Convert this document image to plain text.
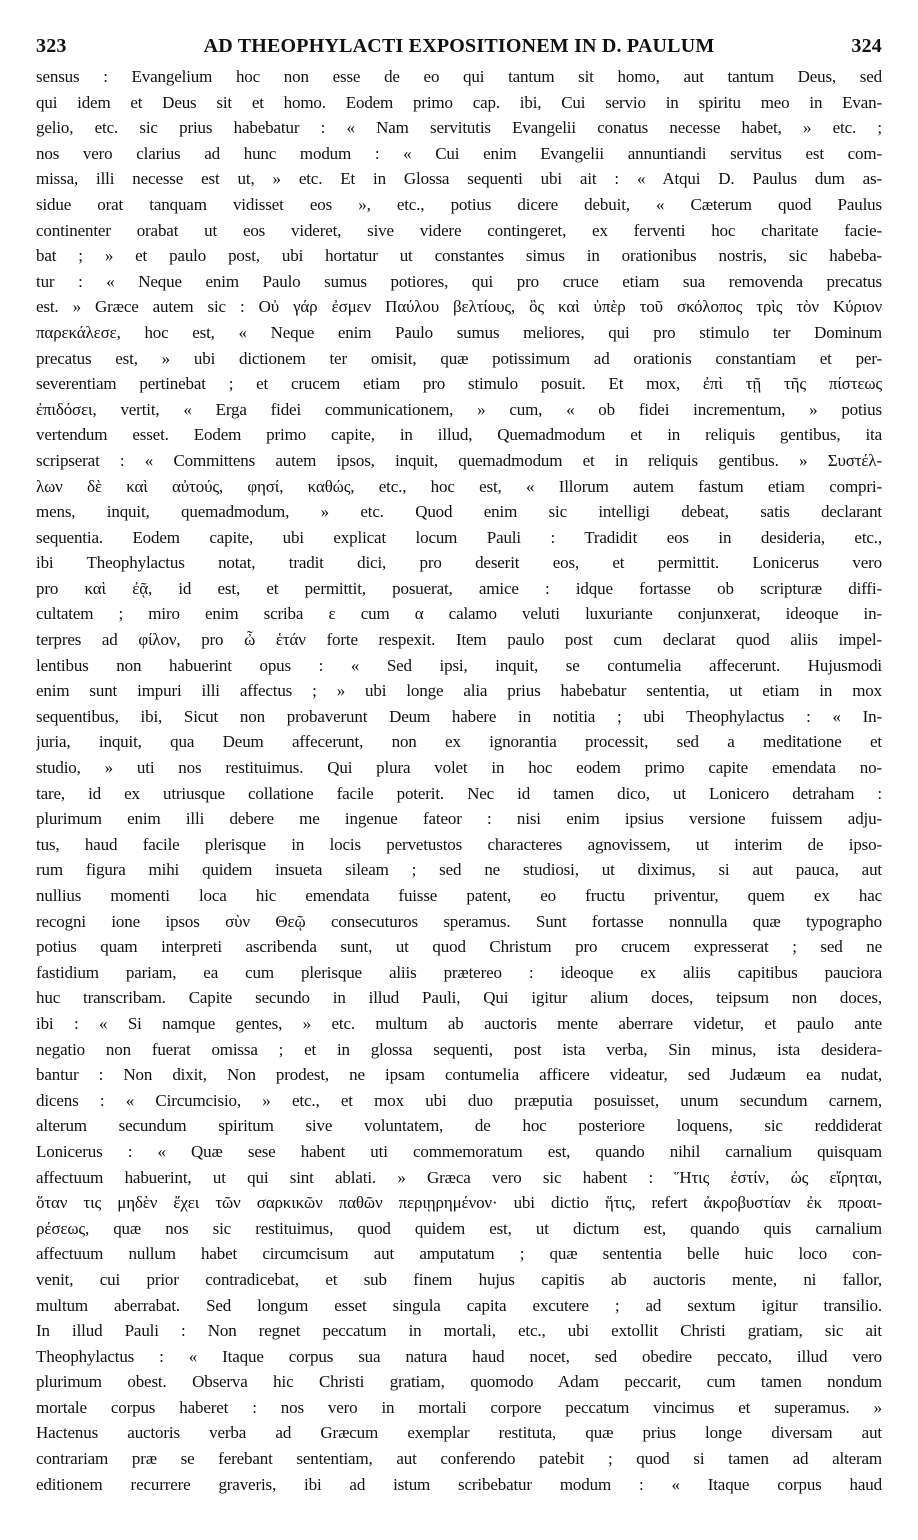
323	AD THEOPHYLACTI EXPOSITIONEM IN D. PAULUM	324
sensus : Evangelium hoc non esse de eo qui tantum sit homo, aut tantum Deus, sed
qui idem et Deus sit et homo. Eodem primo cap. ibi, Cui servio in spiritu meo in Evan-
gelio, etc. sic prius habebatur : « Nam servitutis Evangelii conatus necesse habet, » etc. ;
nos vero clarius ad hunc modum : « Cui enim Evangelii annuntiandi servitus est com-
missa, illi necesse est ut, » etc. Et in Glossa sequenti ubi ait : « Atqui D. Paulus dum as-
sidue orat tanquam vidisset eos », etc., potius dicere debuit, « Cæterum quod Paulus
continenter orabat ut eos videret, sive videre contingeret, ex ferventi hoc charitate facie-
bat ; » et paulo post, ubi hortatur ut constantes simus in orationibus nostris, sic habeba-
tur : « Neque enim Paulo sumus potiores, qui pro cruce etiam sua removenda precatus
est. » Græce autem sic : Οὐ γάρ ἐσμεν Παύλου βελτίους, ὃς καὶ ὑπὲρ τοῦ σκόλοπος τρὶς τὸν Κύριον
παρεκάλεσε, hoc est, « Neque enim Paulo sumus meliores, qui pro stimulo ter Dominum
precatus est, » ubi dictionem ter omisit, quæ potissimum ad orationis constantiam et per-
severentiam pertinebat ; et crucem etiam pro stimulo posuit. Et mox, ἐπὶ τῇ τῆς πίστεως
ἐπιδόσει, vertit, « Erga fidei communicationem, » cum, « ob fidei incrementum, » potius
vertendum esset. Eodem primo capite, in illud, Quemadmodum et in reliquis gentibus, ita
scripserat : « Committens autem ipsos, inquit, quemadmodum et in reliquis gentibus. » Συστέλ-
λων δὲ καὶ αὐτούς, φησί, καθώς, etc., hoc est, « Illorum autem fastum etiam compri-
mens, inquit, quemadmodum, » etc. Quod enim sic intelligi debeat, satis declarant
sequentia. Eodem capite, ubi explicat locum Pauli : Tradidit eos in desideria, etc.,
ibi Theophylactus notat, tradit dici, pro deserit eos, et permittit. Lonicerus vero
pro καὶ ἐᾷ, id est, et permittit, posuerat, amice : idque fortasse ob scripturæ diffi-
cultatem ; miro enim scriba ε cum α calamo veluti luxuriante conjunxerat, ideoque in-
terpres ad φίλον, pro ὦ ἑτάν forte respexit. Item paulo post cum declarat quod aliis impel-
lentibus non habuerint opus : « Sed ipsi, inquit, se contumelia affecerunt. Hujusmodi
enim sunt impuri illi affectus ; » ubi longe alia prius habebatur sententia, ut etiam in mox
sequentibus, ibi, Sicut non probaverunt Deum habere in notitia ; ubi Theophylactus : « In-
juria, inquit, qua Deum affecerunt, non ex ignorantia processit, sed a meditatione et
studio, » uti nos restituimus. Qui plura volet in hoc eodem primo capite emendata no-
tare, id ex utriusque collatione facile poterit. Nec id tamen dico, ut Lonicero detraham :
plurimum enim illi debere me ingenue fateor : nisi enim ipsius versione fuissem adju-
tus, haud facile plerisque in locis pervetustos characteres agnovissem, ut interim de ipso-
rum figura mihi quidem insueta sileam ; sed ne studiosi, ut diximus, si aut pauca, aut
nullius momenti loca hic emendata fuisse patent, eo fructu priventur, quem ex hac
recogni ione ipsos σὺν Θεῷ consecuturos speramus. Sunt fortasse nonnulla quæ typographo
potius quam interpreti ascribenda sunt, ut quod Christum pro crucem expresserat ; sed ne
fastidium pariam, ea cum plerisque aliis prætereo : ideoque ex aliis capitibus pauciora
huc transcribam. Capite secundo in illud Pauli, Qui igitur alium doces, teipsum non doces,
ibi : « Si namque gentes, » etc. multum ab auctoris mente aberrare videtur, et paulo ante
negatio non fuerat omissa ; et in glossa sequenti, post ista verba, Sin minus, ista desidera-
bantur : Non dixit, Non prodest, ne ipsam contumelia afficere videatur, sed Judæum ea nudat,
dicens : « Circumcisio, » etc., et mox ubi duo præputia posuisset, unum secundum carnem,
alterum secundum spiritum sive voluntatem, de hoc posteriore loquens, sic reddiderat
Lonicerus : « Quæ sese habent uti commemoratum est, quando nihil carnalium quisquam
affectuum habuerint, ut qui sint ablati. » Græca vero sic habent : Ἥτις ἐστίν, ὡς εἴρηται,
ὅταν τις μηδὲν ἔχει τῶν σαρκικῶν παθῶν περιῃρημένον· ubi dictio ἥτις, refert ἀκροβυστίαν ἐκ προαι-
ρέσεως, quæ nos sic restituimus, quod quidem est, ut dictum est, quando quis carnalium
affectuum nullum habet circumcisum aut amputatum ; quæ sententia belle huic loco con-
venit, cui prior contradicebat, et sub finem hujus capitis ab auctoris mente, ni fallor,
multum aberrabat. Sed longum esset singula capita excutere ; ad sextum igitur transilio.
In illud Pauli : Non regnet peccatum in mortali, etc., ubi extollit Christi gratiam, sic ait
Theophylactus : « Itaque corpus sua natura haud nocet, sed obedire peccato, illud vero
plurimum obest. Observa hic Christi gratiam, quomodo Adam peccarit, cum tamen nondum
mortale corpus haberet : nos vero in mortali corpore peccatum vincimus et superamus. »
Hactenus auctoris verba ad Græcum exemplar restituta, quæ prius longe diversam aut
contrariam præ se ferebant sententiam, aut conferendo patebit ; quod si tamen ad alteram
editionem recurrere graveris, ibi ad istum scribebatur modum : « Itaque corpus haud
